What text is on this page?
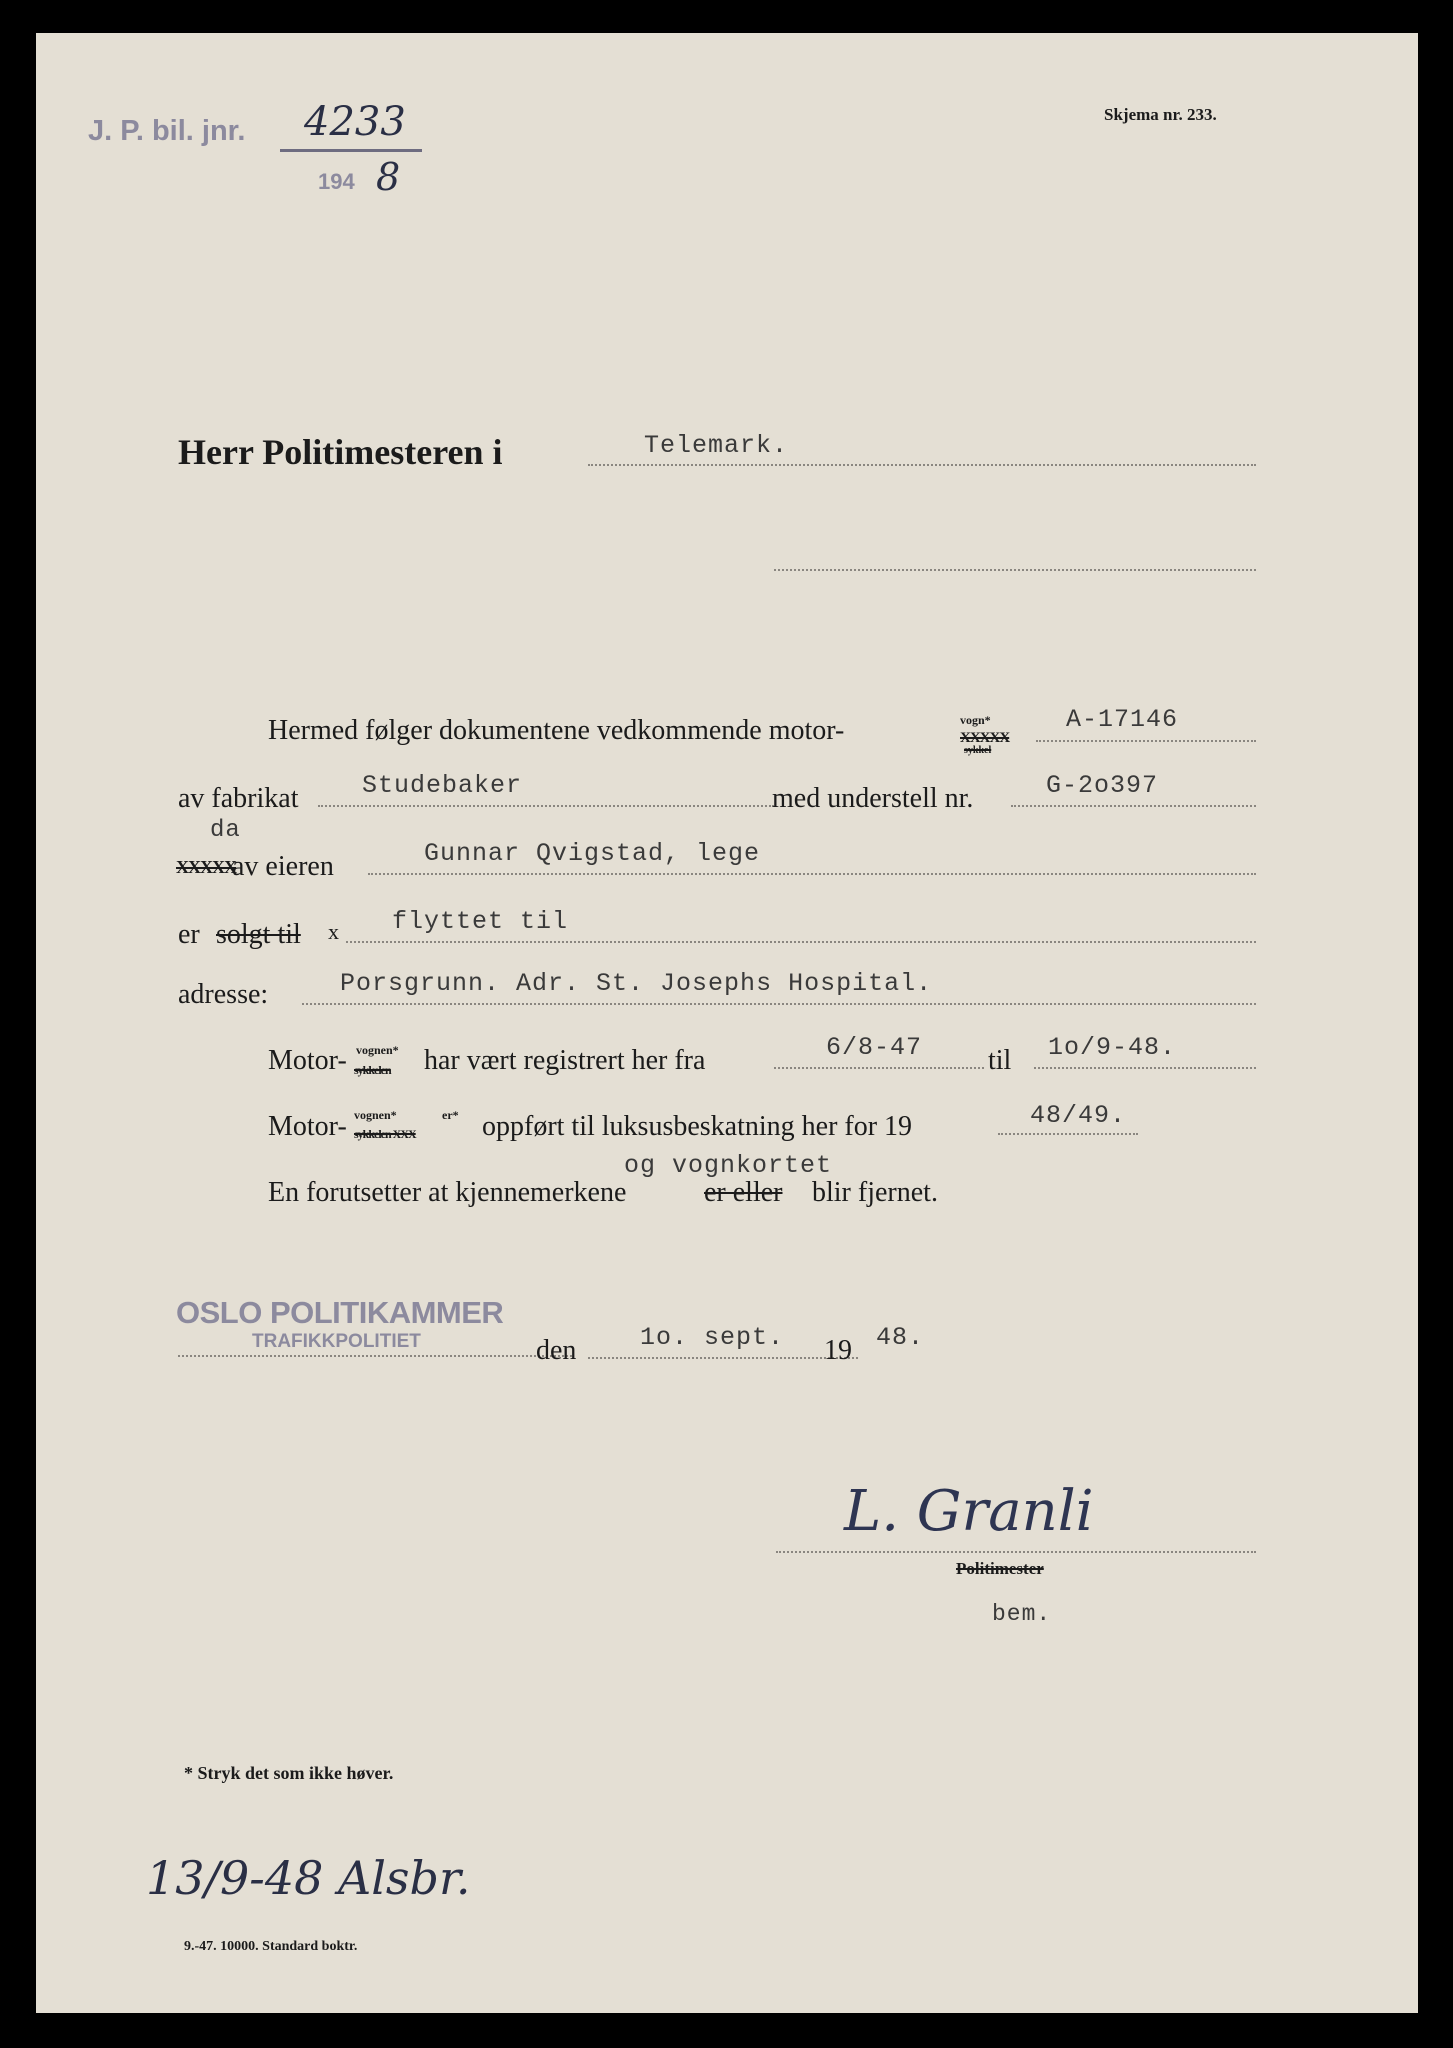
J. P. bil. jnr. 4233
194 8
Skjema nr. 233.
Herr Politimesteren i	Telemark.
Hermed følger dokumentene vedkommende motor-	vogn*
XXXXX
sykkel
A-17146
av fabrikat	Studebaker	med understell nr.	G-2o397
da
XXXXX
av eieren	Gunnar Qvigstad, lege
er solgt til x flyttet til
adresse:	Porsgrunn. Adr. St. Josephs Hospital.
Motor- vognen*
sykkelen har vært registrert her fra	6/8-47 til 1o/9-48.
Motor- vognen*	er*
sykkelen XXX oppført til luksusbeskatning her for 19	48/49.
og vognkortet
En forutsetter at kjennemerkene	er eller blir fjernet.
OSLO POLITIKAMMER
TRAFIKKPOLITIET	den	1o. sept. 19 48.
L. Granli
Politimester
bem.
* Stryk det som ikke høver.
13/9-48 Alsbr.
9.-47. 10000. Standard boktr.
